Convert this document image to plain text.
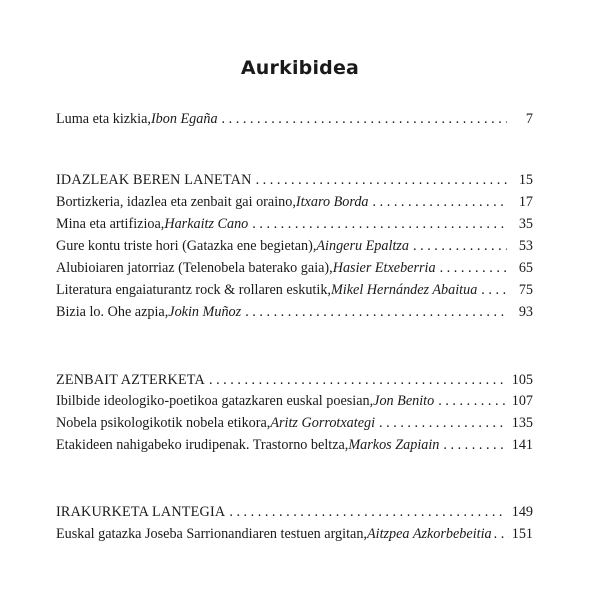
Aurkibidea
Luma eta kizkia, Ibon Egaña . . .	7
IDAZLEAK BEREN LANETAN . . .	15
Bortizkeria, idazlea eta zenbait gai oraino, Itxaro Borda . . .	17
Mina eta artifizioa, Harkaitz Cano . . .	35
Gure kontu triste hori (Gatazka ene begietan), Aingeru Epaltza . . .	53
Alubioiaren jatorriaz (Telenobela baterako gaia), Hasier Etxeberria . . .	65
Literatura engaiaturantz rock & rollaren eskutik, Mikel Hernández Abaitua . . .	75
Bizia lo. Ohe azpia, Jokin Muñoz . . .	93
ZENBAIT AZTERKETA . . .	105
Ibilbide ideologiko-poetikoa gatazkaren euskal poesian, Jon Benito . . .	107
Nobela psikologikotik nobela etikora, Aritz Gorrotxategi . . .	135
Etakideen nahigabeko irudipenak. Trastorno beltza, Markos Zapiain . . .	141
IRAKURKETA LANTEGIA . . .	149
Euskal gatazka Joseba Sarrionandiaren testuen argitan, Aitzpea Azkorbebeitia . . . 151
